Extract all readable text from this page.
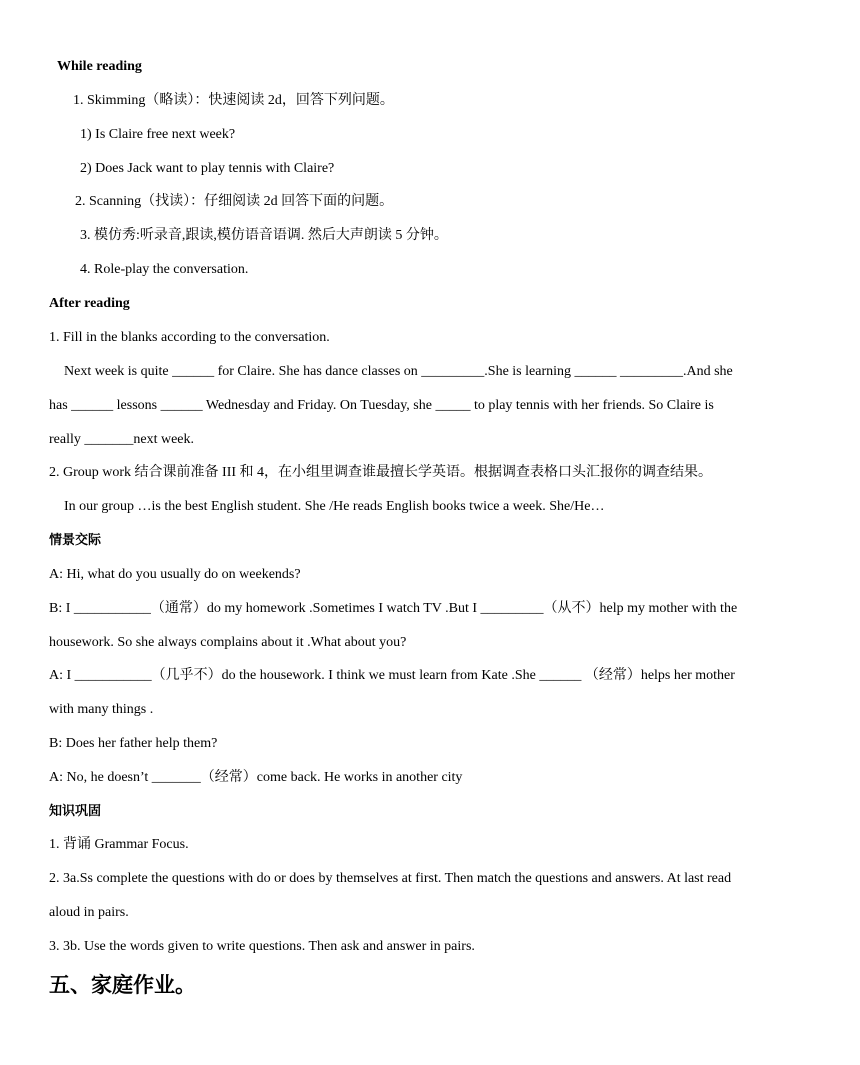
While reading
1. Skimming（略读）：快速阅读 2d，回答下列问题。
1) Is Claire free next week?
2) Does Jack want to play tennis with Claire?
2. Scanning（找读）：仔细阅读 2d 回答下面的问题。
3. 模仿秀:听录音,跟读,模仿语音语调. 然后大声朗读 5 分钟。
4. Role-play the conversation.
After reading
1. Fill in the blanks according to the conversation.
Next week is quite ______ for Claire. She has dance classes on _________.She is learning ______ _________.And she
has ______ lessons ______ Wednesday and Friday. On Tuesday, she _____ to play tennis with her friends. So Claire is
really _______next week.
2. Group work 结合课前准备 III 和 4，在小组里调查谁最擅长学英语。根据调查表格口头汇报你的调查结果。
In our group …is the best English student. She /He reads English books twice a week. She/He…
情景交际
A: Hi, what do you usually do on weekends?
B: I ___________（通常）do my homework .Sometimes I watch TV .But I _________（从不）help my mother with the
housework. So she always complains about it .What about you?
A: I ___________（几乎不）do the housework. I think we must learn from Kate .She ______ （经常）helps her mother
with many things .
B: Does her father help them?
A: No, he doesn’t _______（经常）come back. He works in another city
知识巩固
1. 背诵 Grammar Focus.
2. 3a.Ss complete the questions with do or does by themselves at first. Then match the questions and answers. At last read
aloud in pairs.
3. 3b. Use the words given to write questions. Then ask and answer in pairs.
五、家庭作业。
